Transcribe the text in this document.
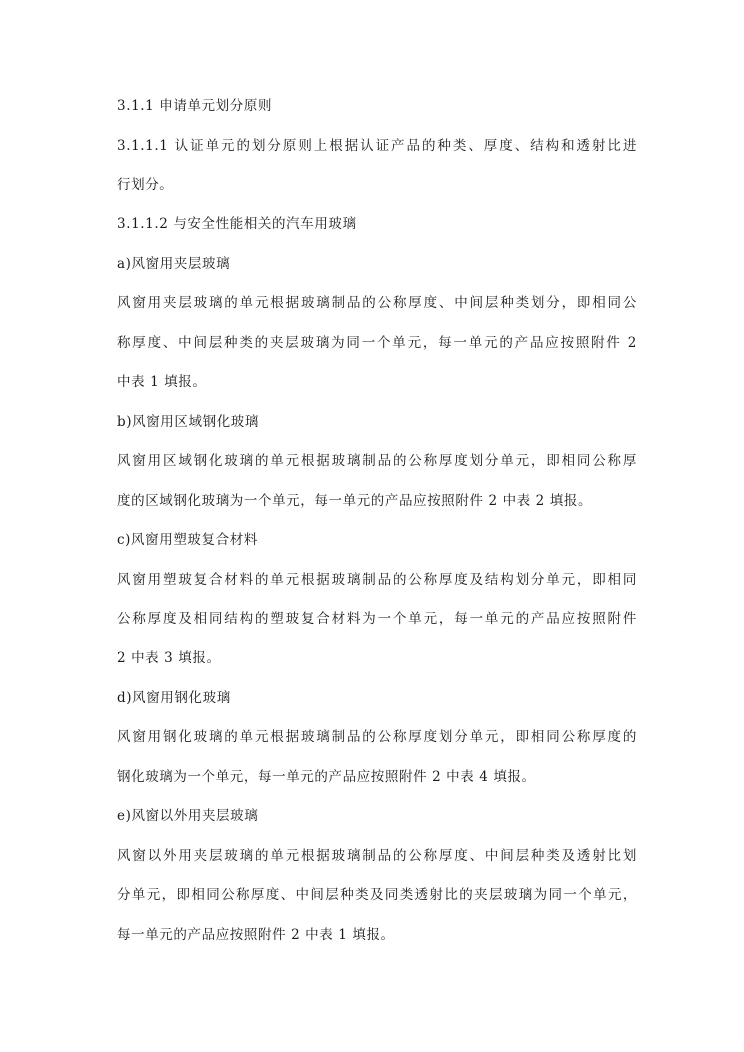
3.1.1 申请单元划分原则
3.1.1.1 认证单元的划分原则上根据认证产品的种类、厚度、结构和透射比进
行划分。
3.1.1.2 与安全性能相关的汽车用玻璃
a)风窗用夹层玻璃
风窗用夹层玻璃的单元根据玻璃制品的公称厚度、中间层种类划分，即相同公
称厚度、中间层种类的夹层玻璃为同一个单元，每一单元的产品应按照附件 2
中表 1 填报。
b)风窗用区域钢化玻璃
风窗用区域钢化玻璃的单元根据玻璃制品的公称厚度划分单元，即相同公称厚
度的区域钢化玻璃为一个单元，每一单元的产品应按照附件 2 中表 2 填报。
c)风窗用塑玻复合材料
风窗用塑玻复合材料的单元根据玻璃制品的公称厚度及结构划分单元，即相同
公称厚度及相同结构的塑玻复合材料为一个单元，每一单元的产品应按照附件
2 中表 3 填报。
d)风窗用钢化玻璃
风窗用钢化玻璃的单元根据玻璃制品的公称厚度划分单元，即相同公称厚度的
钢化玻璃为一个单元，每一单元的产品应按照附件 2 中表 4 填报。
e)风窗以外用夹层玻璃
风窗以外用夹层玻璃的单元根据玻璃制品的公称厚度、中间层种类及透射比划
分单元，即相同公称厚度、中间层种类及同类透射比的夹层玻璃为同一个单元，
每一单元的产品应按照附件 2 中表 1 填报。
